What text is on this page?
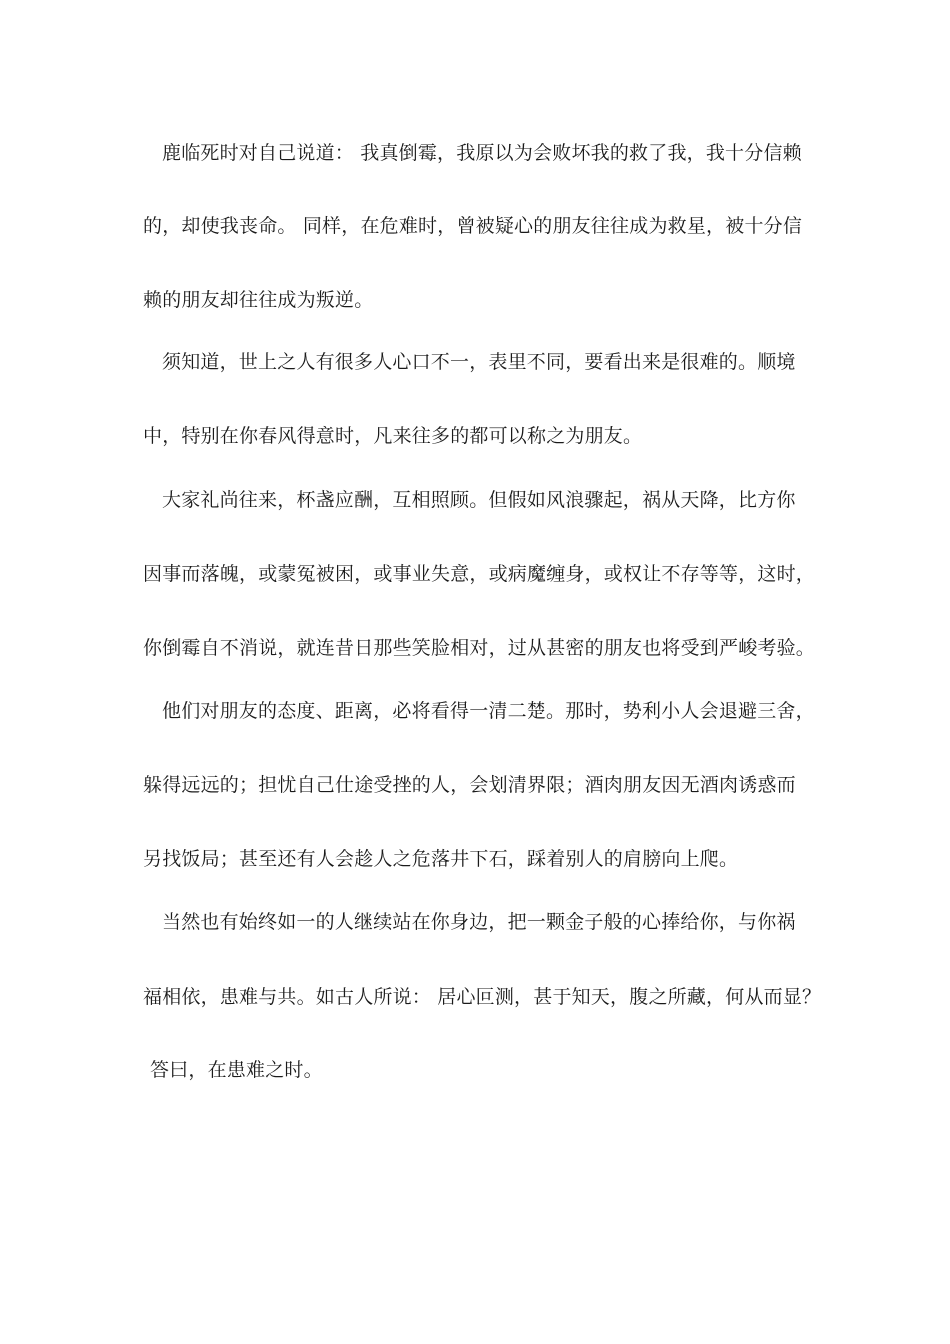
鹿临死时对自己说道： 我真倒霉，我原以为会败坏我的救了我，我十分信赖

的，却使我丧命。 同样，在危难时，曾被疑心的朋友往往成为救星，被十分信

赖的朋友却往往成为叛逆。

须知道，世上之人有很多人心口不一，表里不同，要看出来是很难的。顺境

中，特别在你春风得意时，凡来往多的都可以称之为朋友。

大家礼尚往来，杯盏应酬，互相照顾。但假如风浪骤起，祸从天降，比方你

因事而落魄，或蒙冤被困，或事业失意，或病魔缠身，或权让不存等等，这时，

你倒霉自不消说，就连昔日那些笑脸相对，过从甚密的朋友也将受到严峻考验。

他们对朋友的态度、距离，必将看得一清二楚。那时，势利小人会退避三舍，

躲得远远的；担忧自己仕途受挫的人，会划清界限；酒肉朋友因无酒肉诱惑而

另找饭局；甚至还有人会趁人之危落井下石，踩着别人的肩膀向上爬。

当然也有始终如一的人继续站在你身边，把一颗金子般的心捧给你，与你祸

福相依，患难与共。如古人所说： 居心叵测，甚于知天，腹之所藏，何从而显？

答曰，在患难之时。
